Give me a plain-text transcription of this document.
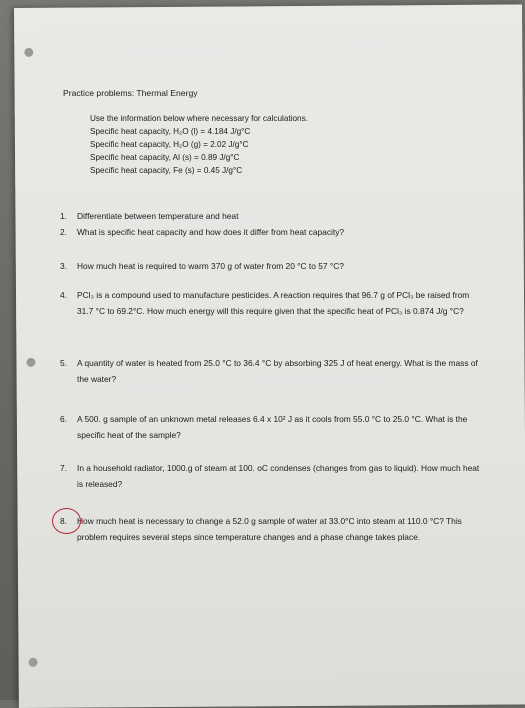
Practice problems: Thermal Energy
Use the information below where necessary for calculations.
Specific heat capacity, H₂O (l) = 4.184 J/g°C
Specific heat capacity, H₂O (g) = 2.02 J/g°C
Specific heat capacity, Al (s) = 0.89 J/g°C
Specific heat capacity, Fe (s) = 0.45 J/g°C
1.	Differentiate between temperature and heat
2.	What is specific heat capacity and how does it differ from heat capacity?
3.	How much heat is required to warm 370 g of water from 20 °C to 57 °C?
4.	PCl₃ is a compound used to manufacture pesticides. A reaction requires that 96.7 g of PCl₃ be raised from 31.7 °C to 69.2°C. How much energy will this require given that the specific heat of PCl₃ is 0.874 J/g °C?
5.	A quantity of water is heated from 25.0 °C to 36.4 °C by absorbing 325 J of heat energy. What is the mass of the water?
6.	A 500. g sample of an unknown metal releases 6.4 x 10² J as it cools from 55.0 °C to 25.0 °C. What is the specific heat of the sample?
7.	In a household radiator, 1000.g of steam at 100. oC condenses (changes from gas to liquid). How much heat is released?
8.	How much heat is necessary to change a 52.0 g sample of water at 33.0°C into steam at 110.0 °C? This problem requires several steps since temperature changes and a phase change takes place.
